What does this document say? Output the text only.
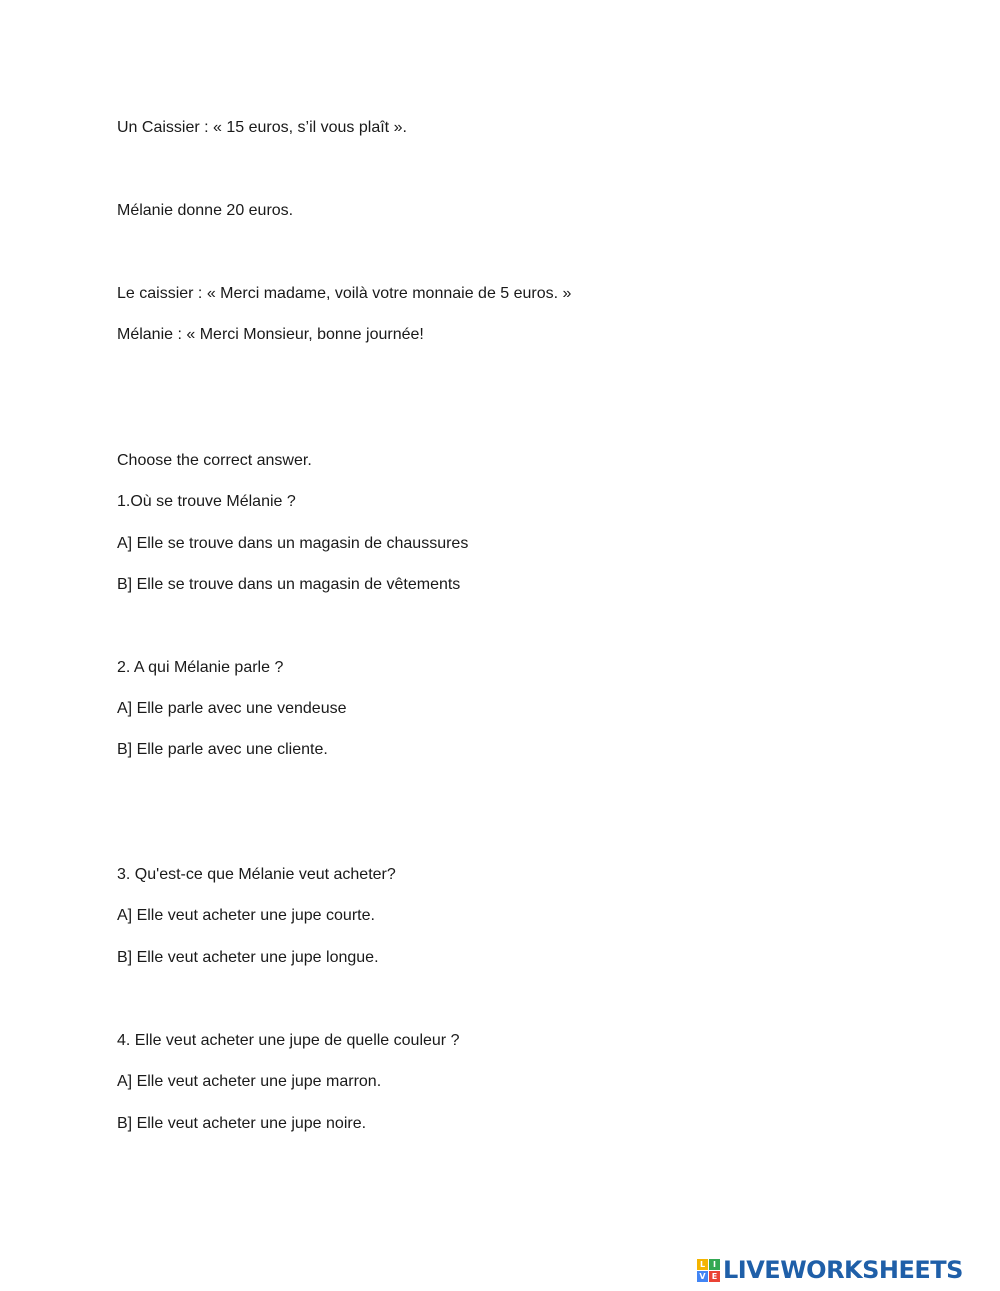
Un Caissier : « 15 euros, s’il vous plaît ».
Mélanie donne 20 euros.
Le caissier : « Merci madame, voilà votre monnaie de 5 euros. »
Mélanie : « Merci Monsieur, bonne journée!
Choose the correct answer.
1.Où se trouve Mélanie ?
A] Elle se trouve dans un magasin de chaussures
B] Elle se trouve dans un magasin de vêtements
2. A qui Mélanie parle ?
A] Elle parle avec une vendeuse
B] Elle parle avec une cliente.
3. Qu'est-ce que Mélanie veut acheter?
A] Elle veut acheter une jupe courte.
B] Elle veut acheter une jupe longue.
4. Elle veut acheter une jupe de quelle couleur ?
A] Elle veut acheter une jupe marron.
B] Elle veut acheter une jupe noire.
L I
V E LIVEWORKSHEETS
